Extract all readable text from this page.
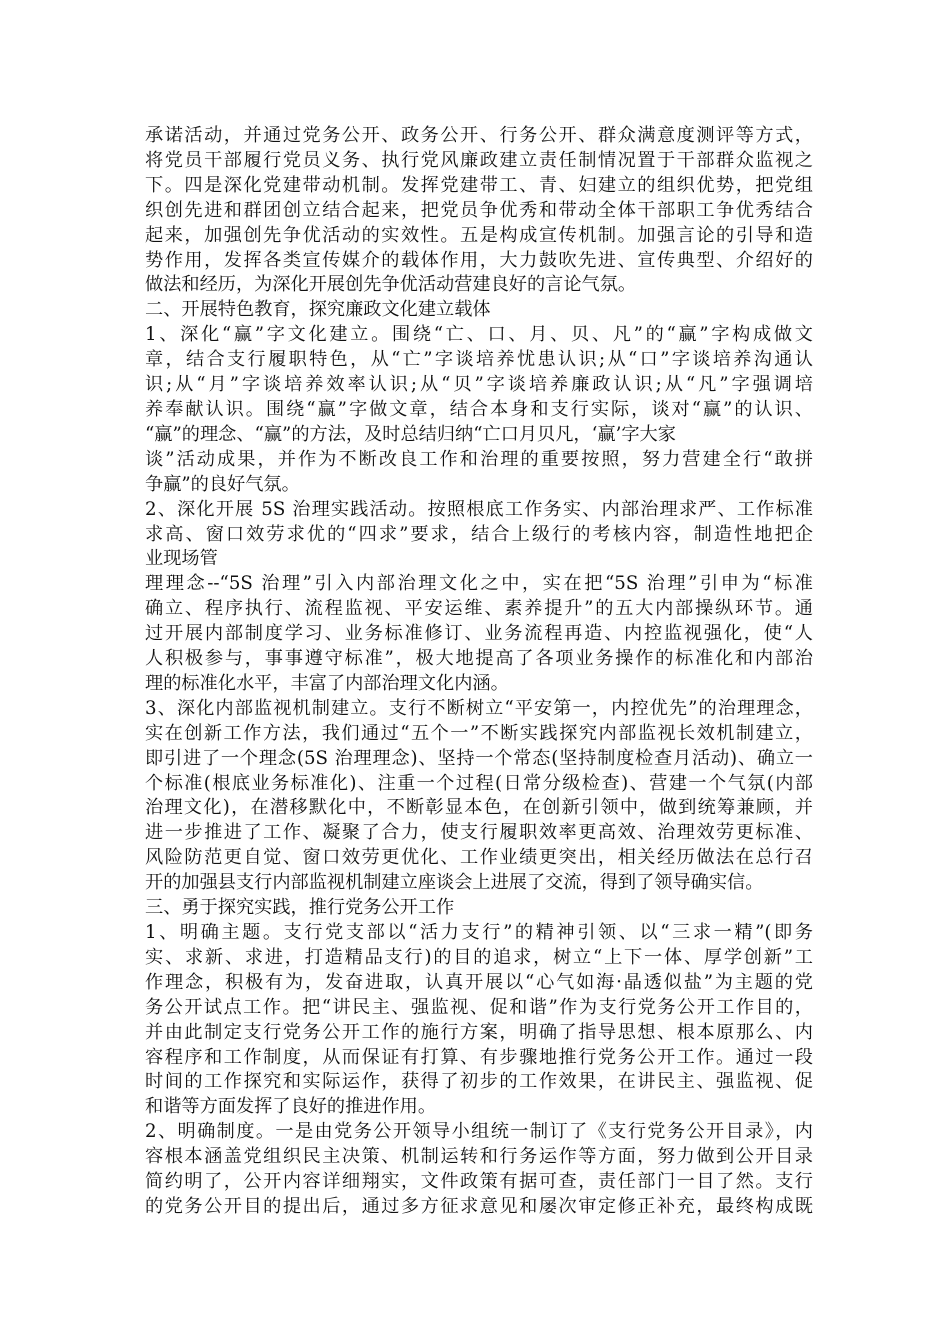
承诺活动，并通过党务公开、政务公开、行务公开、群众满意度测评等方式，
将党员干部履行党员义务、执行党风廉政建立责任制情况置于干部群众监视之
下。四是深化党建带动机制。发挥党建带工、青、妇建立的组织优势，把党组
织创先进和群团创立结合起来，把党员争优秀和带动全体干部职工争优秀结合
起来，加强创先争优活动的实效性。五是构成宣传机制。加强言论的引导和造
势作用，发挥各类宣传媒介的载体作用，大力鼓吹先进、宣传典型、介绍好的
做法和经历，为深化开展创先争优活动营建良好的言论气氛。
二、开展特色教育，探究廉政文化建立载体
1、深化“赢”字文化建立。围绕“亡、口、月、贝、凡”的“赢”字构成做文
章，结合支行履职特色，从“亡”字谈培养忧患认识;从“口”字谈培养沟通认
识;从“月”字谈培养效率认识;从“贝”字谈培养廉政认识;从“凡”字强调培
养奉献认识。围绕“赢”字做文章，结合本身和支行实际，谈对“赢”的认识、
“赢”的理念、“赢”的方法，及时总结归纳“亡口月贝凡，‘赢’字大家
谈”活动成果，并作为不断改良工作和治理的重要按照，努力营建全行“敢拼
争赢”的良好气氛。
2、深化开展 5S 治理实践活动。按照根底工作务实、内部治理求严、工作标准
求高、窗口效劳求优的“四求”要求，结合上级行的考核内容，制造性地把企
业现场管
理理念--“5S 治理”引入内部治理文化之中，实在把“5S 治理”引申为“标准
确立、程序执行、流程监视、平安运维、素养提升”的五大内部操纵环节。通
过开展内部制度学习、业务标准修订、业务流程再造、内控监视强化，使“人
人积极参与，事事遵守标准”，极大地提高了各项业务操作的标准化和内部治
理的标准化水平，丰富了内部治理文化内涵。
3、深化内部监视机制建立。支行不断树立“平安第一，内控优先”的治理理念，
实在创新工作方法，我们通过“五个一”不断实践探究内部监视长效机制建立，
即引进了一个理念(5S 治理理念)、坚持一个常态(坚持制度检查月活动)、确立一
个标准(根底业务标准化)、注重一个过程(日常分级检查)、营建一个气氛(内部
治理文化)，在潜移默化中，不断彰显本色，在创新引领中，做到统筹兼顾，并
进一步推进了工作、凝聚了合力，使支行履职效率更高效、治理效劳更标准、
风险防范更自觉、窗口效劳更优化、工作业绩更突出，相关经历做法在总行召
开的加强县支行内部监视机制建立座谈会上进展了交流，得到了领导确实信。
三、勇于探究实践，推行党务公开工作
1、明确主题。支行党支部以“活力支行”的精神引领、以“三求一精”(即务
实、求新、求进，打造精品支行)的目的追求，树立“上下一体、厚学创新”工
作理念，积极有为，发奋进取，认真开展以“心气如海·晶透似盐”为主题的党
务公开试点工作。把“讲民主、强监视、促和谐”作为支行党务公开工作目的，
并由此制定支行党务公开工作的施行方案，明确了指导思想、根本原那么、内
容程序和工作制度，从而保证有打算、有步骤地推行党务公开工作。通过一段
时间的工作探究和实际运作，获得了初步的工作效果，在讲民主、强监视、促
和谐等方面发挥了良好的推进作用。
2、明确制度。一是由党务公开领导小组统一制订了《支行党务公开目录》，内
容根本涵盖党组织民主决策、机制运转和行务运作等方面，努力做到公开目录
简约明了，公开内容详细翔实，文件政策有据可查，责任部门一目了然。支行
的党务公开目的提出后，通过多方征求意见和屡次审定修正补充，最终构成既
